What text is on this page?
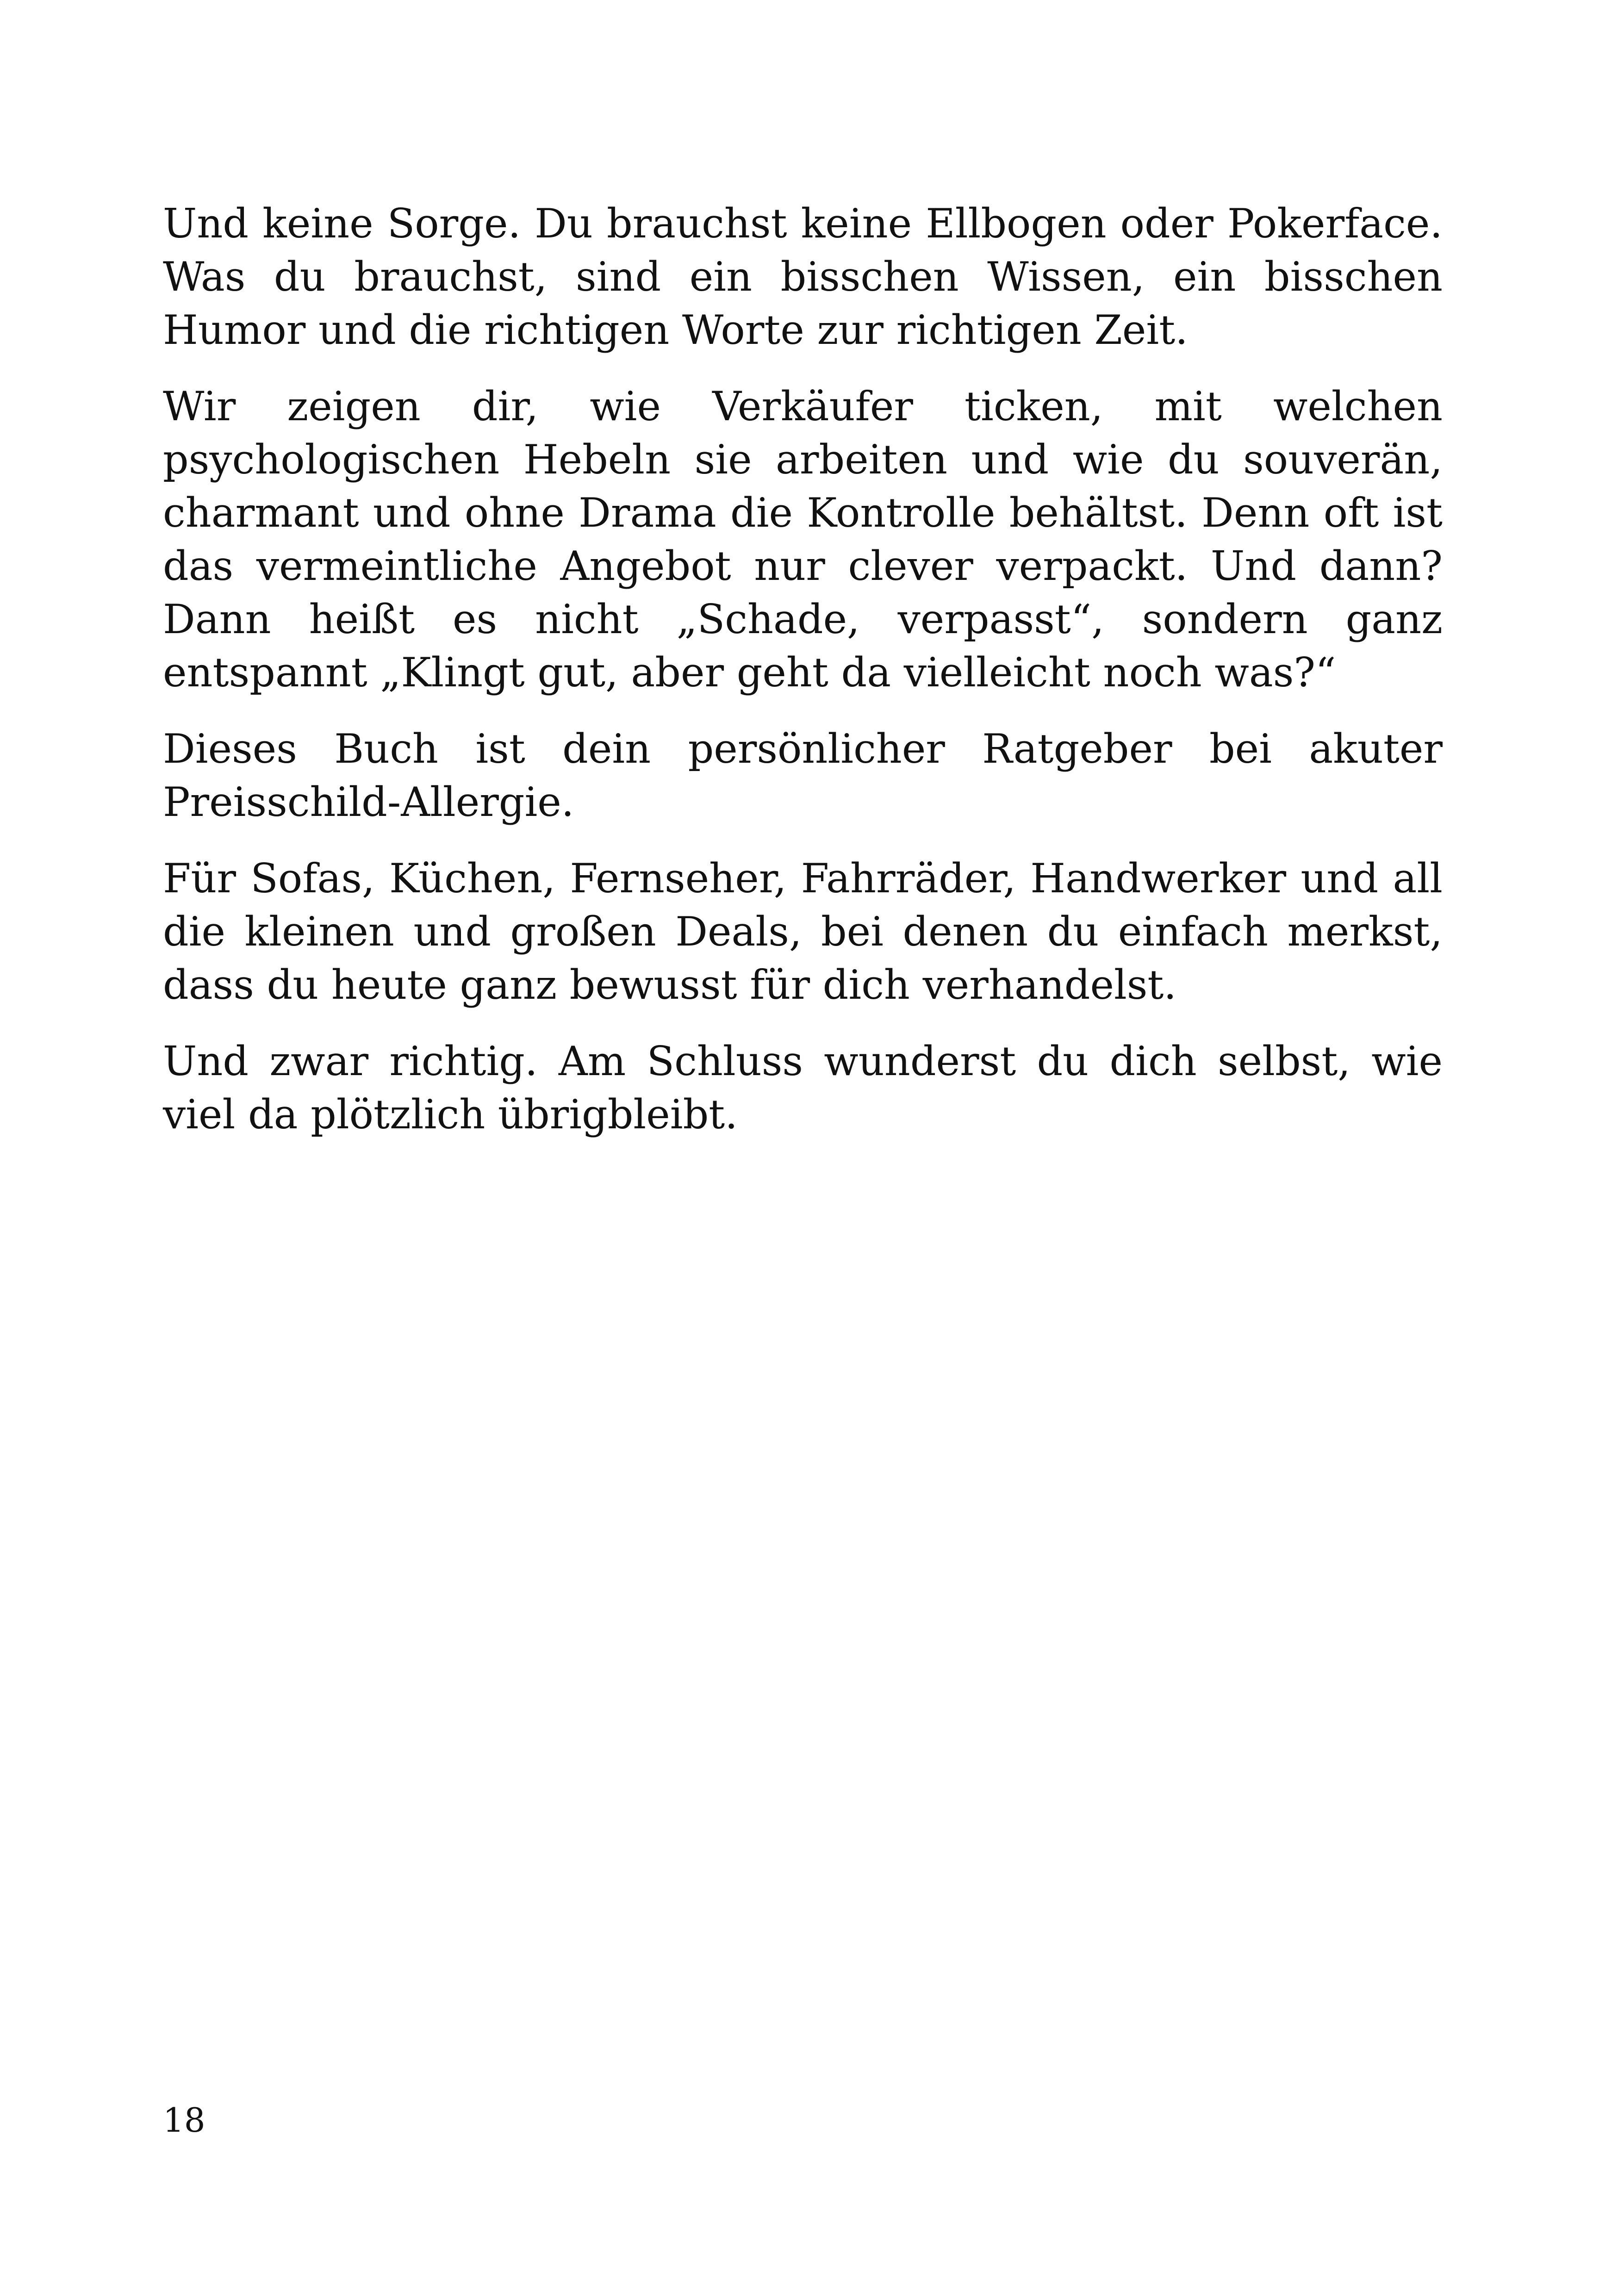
Und keine Sorge. Du brauchst keine Ellbogen oder Pokerface. Was du brauchst, sind ein bisschen Wissen, ein bisschen Humor und die richtigen Worte zur richtigen Zeit.

Wir zeigen dir, wie Verkäufer ticken, mit welchen psychologischen Hebeln sie arbeiten und wie du souverän, charmant und ohne Drama die Kontrolle behältst. Denn oft ist das vermeintliche Angebot nur clever verpackt. Und dann? Dann heißt es nicht „Schade, verpasst“, sondern ganz entspannt „Klingt gut, aber geht da vielleicht noch was?“

Dieses Buch ist dein persönlicher Ratgeber bei akuter Preisschild-Allergie.

Für Sofas, Küchen, Fernseher, Fahrräder, Handwerker und all die kleinen und großen Deals, bei denen du einfach merkst, dass du heute ganz bewusst für dich verhandelst.

Und zwar richtig. Am Schluss wunderst du dich selbst, wie viel da plötzlich übrigbleibt.

18
